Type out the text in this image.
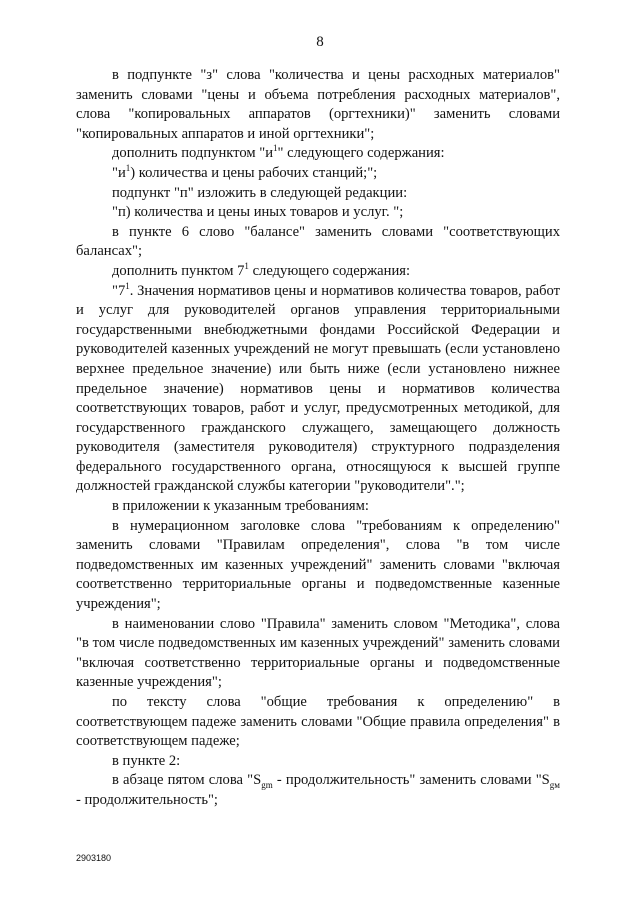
8

в подпункте "з" слова "количества и цены расходных материалов" заменить словами "цены и объема потребления расходных материалов", слова "копировальных аппаратов (оргтехники)" заменить словами "копировальных аппаратов и иной оргтехники";

дополнить подпунктом "$и^1$" следующего содержания:

"$и^1$) количества и цены рабочих станций;";

подпункт "п" изложить в следующей редакции:

"п) количества и цены иных товаров и услуг. ";

в пункте 6 слово "балансе" заменить словами "соответствующих балансах";

дополнить пунктом $7^1$ следующего содержания:

"$7^1$. Значения нормативов цены и нормативов количества товаров, работ и услуг для руководителей органов управления территориальными государственными внебюджетными фондами Российской Федерации и руководителей казенных учреждений не могут превышать (если установлено верхнее предельное значение) или быть ниже (если установлено нижнее предельное значение) нормативов цены и нормативов количества соответствующих товаров, работ и услуг, предусмотренных методикой, для государственного гражданского служащего, замещающего должность руководителя (заместителя руководителя) структурного подразделения федерального государственного органа, относящуюся к высшей группе должностей гражданской службы категории "руководители".";

в приложении к указанным требованиям:

в нумерационном заголовке слова "требованиям к определению" заменить словами "Правилам определения", слова "в том числе подведомственных им казенных учреждений" заменить словами "включая соответственно территориальные органы и подведомственные казенные учреждения";

в наименовании слово "Правила" заменить словом "Методика", слова "в том числе подведомственных им казенных учреждений" заменить словами "включая соответственно территориальные органы и подведомственные казенные учреждения";

по тексту слова "общие требования к определению" в соответствующем падеже заменить словами "Общие правила определения" в соответствующем падеже;

в пункте 2:

в абзаце пятом слова "$S_{gm}$ - продолжительность" заменить словами "$S_{gм}$ - продолжительность";

2903180
